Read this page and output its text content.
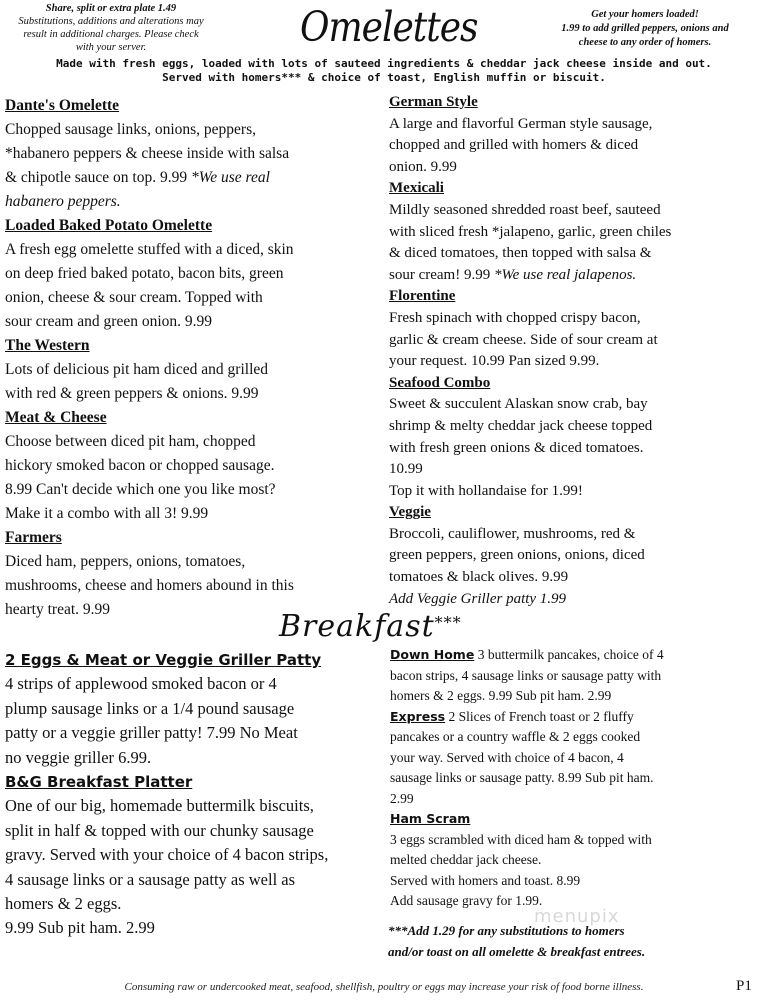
Share, split or extra plate 1.49
Substitutions, additions and alterations may
result in additional charges. Please check
with your server.	Omelettes	Get your homers loaded!
1.99 to add grilled peppers, onions and
cheese to any order of homers.
Made with fresh eggs, loaded with lots of sauteed ingredients & cheddar jack cheese inside and out.
Served with homers*** & choice of toast, English muffin or biscuit.

Dante's Omelette

Chopped sausage links, onions, peppers,

*habanero peppers & cheese inside with salsa

& chipotle sauce on top. 9.99 *We use real

habanero peppers.

Loaded Baked Potato Omelette

A fresh egg omelette stuffed with a diced, skin

on deep fried baked potato, bacon bits, green

onion, cheese & sour cream. Topped with

sour cream and green onion. 9.99

The Western

Lots of delicious pit ham diced and grilled

with red & green peppers & onions. 9.99

Meat & Cheese

Choose between diced pit ham, chopped

hickory smoked bacon or chopped sausage.

8.99 Can't decide which one you like most?

Make it a combo with all 3! 9.99

Farmers

Diced ham, peppers, onions, tomatoes,

mushrooms, cheese and homers abound in this

hearty treat. 9.99

German Style

A large and flavorful German style sausage,

chopped and grilled with homers & diced

onion. 9.99

Mexicali

Mildly seasoned shredded roast beef, sauteed

with sliced fresh *jalapeno, garlic, green chiles

& diced tomatoes, then topped with salsa &

sour cream! 9.99 *We use real jalapenos.

Florentine

Fresh spinach with chopped crispy bacon,

garlic & cream cheese. Side of sour cream at

your request. 10.99 Pan sized 9.99.

Seafood Combo

Sweet & succulent Alaskan snow crab, bay

shrimp & melty cheddar jack cheese topped

with fresh green onions & diced tomatoes.

10.99

Top it with hollandaise for 1.99!

Veggie

Broccoli, cauliflower, mushrooms, red &

green peppers, green onions, onions, diced

tomatoes & black olives. 9.99

Add Veggie Griller patty 1.99

Breakfast***

2 Eggs & Meat or Veggie Griller Patty

4 strips of applewood smoked bacon or 4

plump sausage links or a 1/4 pound sausage

patty or a veggie griller patty! 7.99 No Meat

no veggie griller 6.99.

B&G Breakfast Platter

One of our big, homemade buttermilk biscuits,

split in half & topped with our chunky sausage

gravy. Served with your choice of 4 bacon strips,

4 sausage links or a sausage patty as well as

homers & 2 eggs.

9.99 Sub pit ham. 2.99

Down Home 3 buttermilk pancakes, choice of 4

bacon strips, 4 sausage links or sausage patty with

homers & 2 eggs. 9.99 Sub pit ham. 2.99

Express 2 Slices of French toast or 2 fluffy

pancakes or a country waffle & 2 eggs cooked

your way. Served with choice of 4 bacon, 4

sausage links or sausage patty. 8.99 Sub pit ham.

2.99

Ham Scram

3 eggs scrambled with diced ham & topped with

melted cheddar jack cheese.

Served with homers and toast. 8.99

Add sausage gravy for 1.99.

menupix
***Add 1.29 for any substitutions to homers
and/or toast on all omelette & breakfast entrees.
Consuming raw or undercooked meat, seafood, shellfish, poultry or eggs may increase your risk of food borne illness.	P1
